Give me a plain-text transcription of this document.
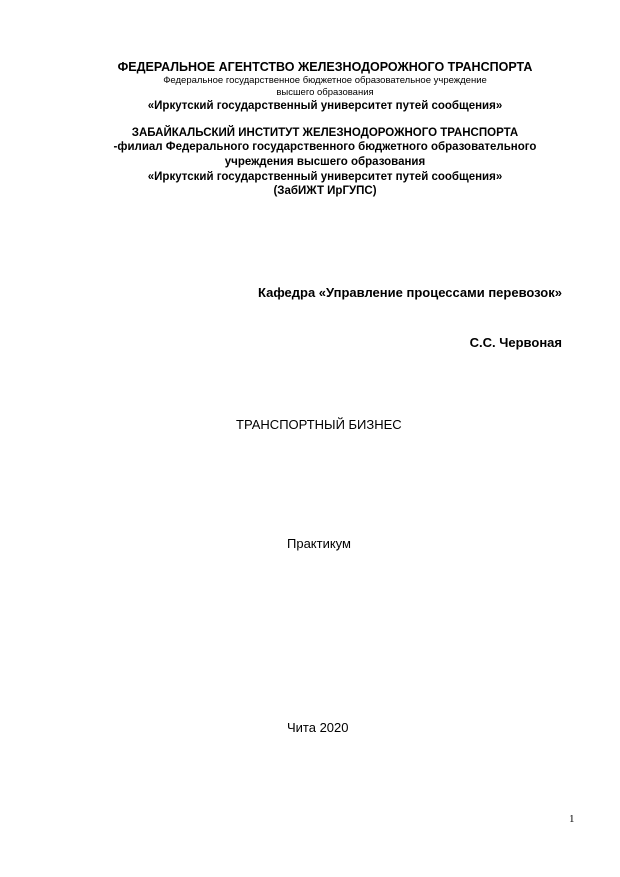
ФЕДЕРАЛЬНОЕ АГЕНТСТВО ЖЕЛЕЗНОДОРОЖНОГО ТРАНСПОРТА
Федеральное государственное бюджетное образовательное учреждение
высшего образования
«Иркутский государственный университет путей сообщения»
ЗАБАЙКАЛЬСКИЙ ИНСТИТУТ ЖЕЛЕЗНОДОРОЖНОГО ТРАНСПОРТА
-филиал Федерального государственного бюджетного образовательного
учреждения высшего образования
«Иркутский государственный университет путей сообщения»
(ЗабИЖТ ИрГУПС)
Кафедра «Управление процессами перевозок»
С.С. Червоная
ТРАНСПОРТНЫЙ БИЗНЕС
Практикум
Чита 2020
1
